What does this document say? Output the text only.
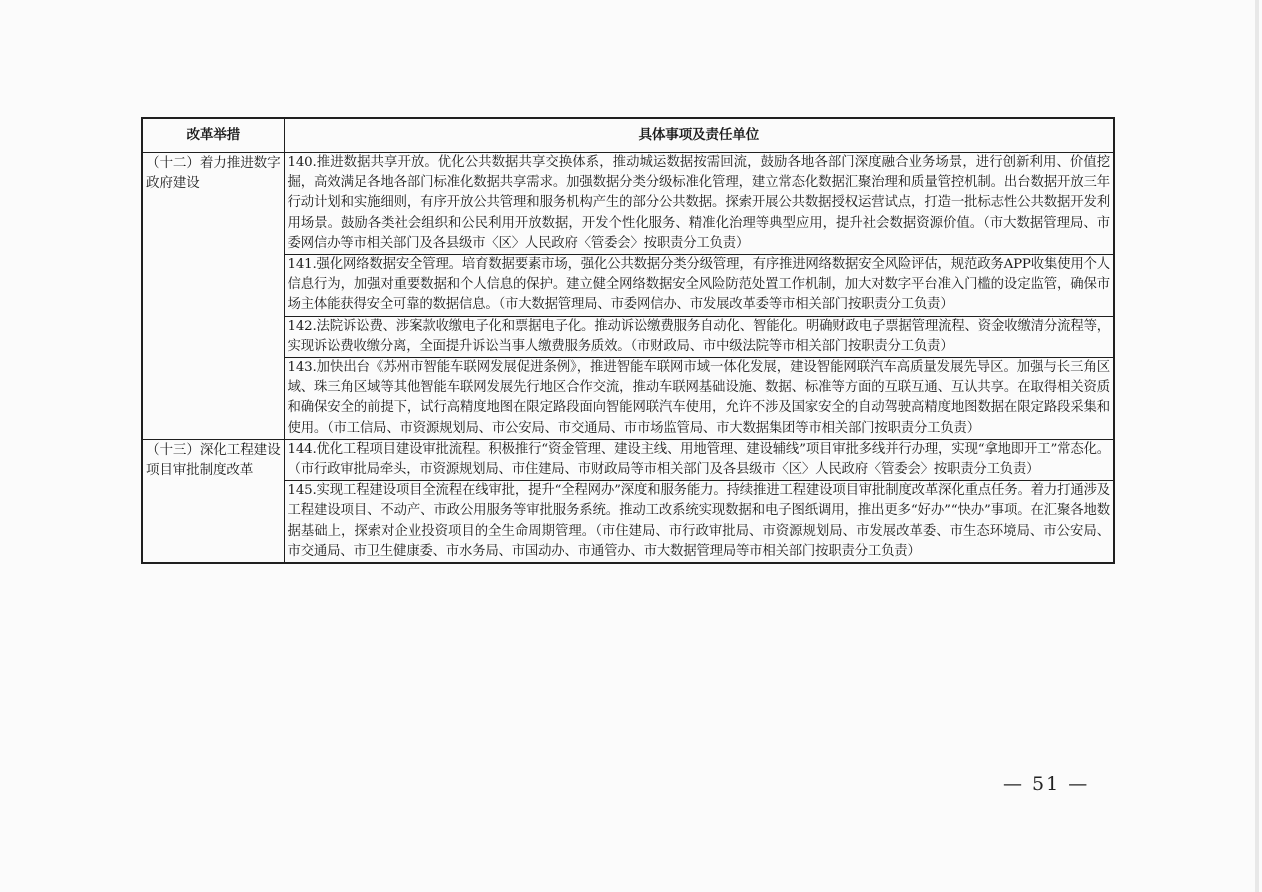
改革举措	具体事项及责任单位
（十二）着力推进数字政府建设	140.推进数据共享开放。优化公共数据共享交换体系，推动城运数据按需回流，鼓励各地各部门深度融合业务场景，进行创新利用、价值挖掘，高效满足各地各部门标准化数据共享需求。加强数据分类分级标准化管理，建立常态化数据汇聚治理和质量管控机制。出台数据开放三年行动计划和实施细则，有序开放公共管理和服务机构产生的部分公共数据。探索开展公共数据授权运营试点，打造一批标志性公共数据开发利用场景。鼓励各类社会组织和公民利用开放数据，开发个性化服务、精准化治理等典型应用，提升社会数据资源价值。（市大数据管理局、市委网信办等市相关部门及各县级市〈区〉人民政府〈管委会〉按职责分工负责）
	141.强化网络数据安全管理。培育数据要素市场，强化公共数据分类分级管理，有序推进网络数据安全风险评估，规范政务APP收集使用个人信息行为，加强对重要数据和个人信息的保护。建立健全网络数据安全风险防范处置工作机制，加大对数字平台准入门槛的设定监管，确保市场主体能获得安全可靠的数据信息。（市大数据管理局、市委网信办、市发展改革委等市相关部门按职责分工负责）
	142.法院诉讼费、涉案款收缴电子化和票据电子化。推动诉讼缴费服务自动化、智能化。明确财政电子票据管理流程、资金收缴清分流程等，实现诉讼费收缴分离，全面提升诉讼当事人缴费服务质效。（市财政局、市中级法院等市相关部门按职责分工负责）
	143.加快出台《苏州市智能车联网发展促进条例》，推进智能车联网市域一体化发展，建设智能网联汽车高质量发展先导区。加强与长三角区域、珠三角区域等其他智能车联网发展先行地区合作交流，推动车联网基础设施、数据、标准等方面的互联互通、互认共享。在取得相关资质和确保安全的前提下，试行高精度地图在限定路段面向智能网联汽车使用，允许不涉及国家安全的自动驾驶高精度地图数据在限定路段采集和使用。（市工信局、市资源规划局、市公安局、市交通局、市市场监管局、市大数据集团等市相关部门按职责分工负责）
（十三）深化工程建设项目审批制度改革	144.优化工程项目建设审批流程。积极推行“资金管理、建设主线、用地管理、建设辅线”项目审批多线并行办理，实现“拿地即开工”常态化。（市行政审批局牵头，市资源规划局、市住建局、市财政局等市相关部门及各县级市〈区〉人民政府〈管委会〉按职责分工负责）
	145.实现工程建设项目全流程在线审批，提升“全程网办”深度和服务能力。持续推进工程建设项目审批制度改革深化重点任务。着力打通涉及工程建设项目、不动产、市政公用服务等审批服务系统。推动工改系统实现数据和电子图纸调用，推出更多“好办”“快办”事项。在汇聚各地数据基础上，探索对企业投资项目的全生命周期管理。（市住建局、市行政审批局、市资源规划局、市发展改革委、市生态环境局、市公安局、市交通局、市卫生健康委、市水务局、市国动办、市通管办、市大数据管理局等市相关部门按职责分工负责）
— 51 —
